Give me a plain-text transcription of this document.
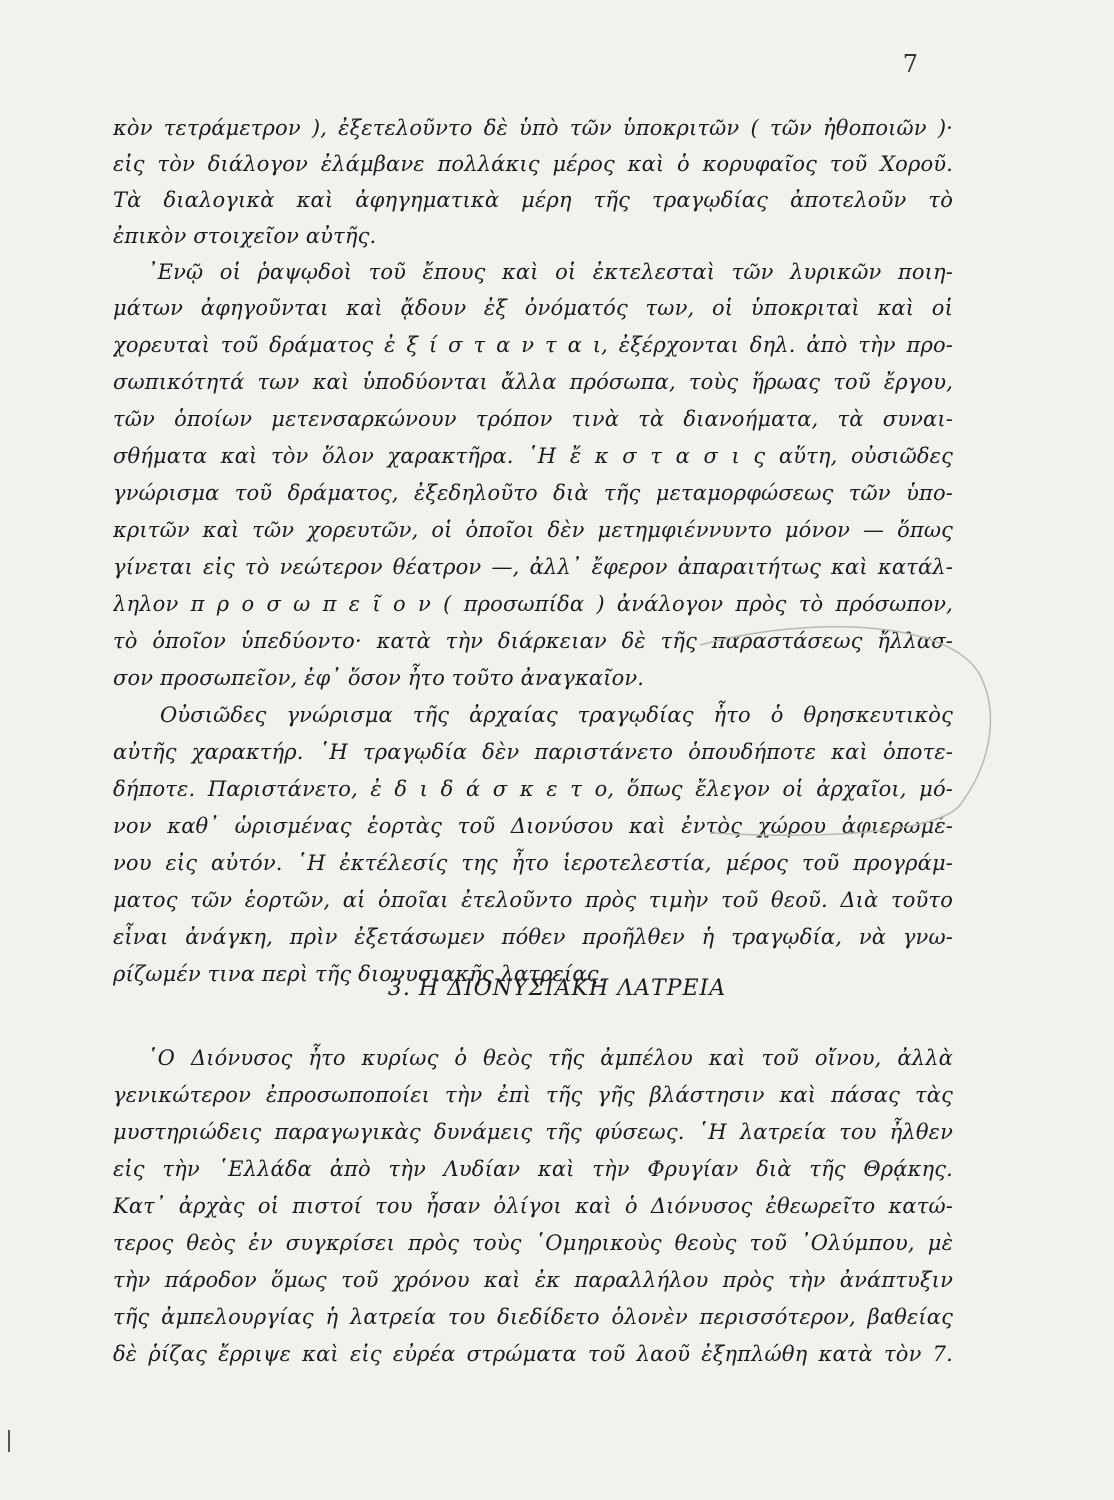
7
κὸν τετράμετρον ), ἐξετελοῦντο δὲ ὑπὸ τῶν ὑποκριτῶν ( τῶν ἠθοποιῶν )·
εἰς τὸν διάλογον ἐλάμβανε πολλάκις μέρος καὶ ὁ κορυφαῖος τοῦ Χοροῦ.
Τὰ διαλογικὰ καὶ ἀφηγηματικὰ μέρη τῆς τραγῳδίας ἀποτελοῦν τὸ
ἐπικὸν στοιχεῖον αὐτῆς.
᾿Ενῷ οἱ ῥαψῳδοὶ τοῦ ἔπους καὶ οἱ ἐκτελεσταὶ τῶν λυρικῶν ποιη-
μάτων ἀφηγοῦνται καὶ ᾄδουν ἐξ ὀνόματός των, οἱ ὑποκριταὶ καὶ οἱ
χορευταὶ τοῦ δράματος ἐ ξ ί σ τ α ν τ α ι, ἐξέρχονται δηλ. ἀπὸ τὴν προ-
σωπικότητά των καὶ ὑποδύονται ἄλλα πρόσωπα, τοὺς ἥρωας τοῦ ἔργου,
τῶν ὁποίων μετενσαρκώνουν τρόπον τινὰ τὰ διανοήματα, τὰ συναι-
σθήματα καὶ τὸν ὅλον χαρακτῆρα. ῾Η ἔ κ σ τ α σ ι ς αὕτη, οὐσιῶδες
γνώρισμα τοῦ δράματος, ἐξεδηλοῦτο διὰ τῆς μεταμορφώσεως τῶν ὑπο-
κριτῶν καὶ τῶν χορευτῶν, οἱ ὁποῖοι δὲν μετημφιέννυντο μόνον — ὅπως
γίνεται εἰς τὸ νεώτερον θέατρον —, ἀλλ᾽ ἔφερον ἀπαραιτήτως καὶ κατάλ-
ληλον π ρ ο σ ω π ε ῖ ο ν ( προσωπίδα ) ἀνάλογον πρὸς τὸ πρόσωπον,
τὸ ὁποῖον ὑπεδύοντο· κατὰ τὴν διάρκειαν δὲ τῆς παραστάσεως ἤλλασ-
σον προσωπεῖον, ἐφ᾽ ὅσον ἦτο τοῦτο ἀναγκαῖον.
Οὐσιῶδες γνώρισμα τῆς ἀρχαίας τραγῳδίας ἦτο ὁ θρησκευτικὸς
αὐτῆς χαρακτήρ. ῾Η τραγῳδία δὲν παριστάνετο ὁπουδήποτε καὶ ὁποτε-
δήποτε. Παριστάνετο, ἐ δ ι δ ά σ κ ε τ ο, ὅπως ἔλεγον οἱ ἀρχαῖοι, μό-
νον καθ᾽ ὡρισμένας ἑορτὰς τοῦ Διονύσου καὶ ἐντὸς χώρου ἀφιερωμέ-
νου εἰς αὐτόν. ῾Η ἐκτέλεσίς της ἦτο ἱεροτελεστία, μέρος τοῦ προγράμ-
ματος τῶν ἑορτῶν, αἱ ὁποῖαι ἐτελοῦντο πρὸς τιμὴν τοῦ θεοῦ. Διὰ τοῦτο
εἶναι ἀνάγκη, πρὶν ἐξετάσωμεν πόθεν προῆλθεν ἡ τραγῳδία, νὰ γνω-
ρίζωμέν τινα περὶ τῆς διονυσιακῆς λατρείας.
3. Η ΔΙΟΝΥΣΙΑΚΗ ΛΑΤΡΕΙΑ
῾Ο Διόνυσος ἦτο κυρίως ὁ θεὸς τῆς ἀμπέλου καὶ τοῦ οἴνου, ἀλλὰ
γενικώτερον ἐπροσωποποίει τὴν ἐπὶ τῆς γῆς βλάστησιν καὶ πάσας τὰς
μυστηριώδεις παραγωγικὰς δυνάμεις τῆς φύσεως. ῾Η λατρεία του ἦλθεν
εἰς τὴν ῾Ελλάδα ἀπὸ τὴν Λυδίαν καὶ τὴν Φρυγίαν διὰ τῆς Θρᾴκης.
Κατ᾽ ἀρχὰς οἱ πιστοί του ἦσαν ὀλίγοι καὶ ὁ Διόνυσος ἐθεωρεῖτο κατώ-
τερος θεὸς ἐν συγκρίσει πρὸς τοὺς ῾Ομηρικοὺς θεοὺς τοῦ ᾿Ολύμπου, μὲ
τὴν πάροδον ὅμως τοῦ χρόνου καὶ ἐκ παραλλήλου πρὸς τὴν ἀνάπτυξιν
τῆς ἀμπελουργίας ἡ λατρεία του διεδίδετο ὁλονὲν περισσότερον, βαθείας
δὲ ῥίζας ἔρριψε καὶ εἰς εὐρέα στρώματα τοῦ λαοῦ ἐξηπλώθη κατὰ τὸν 7.
